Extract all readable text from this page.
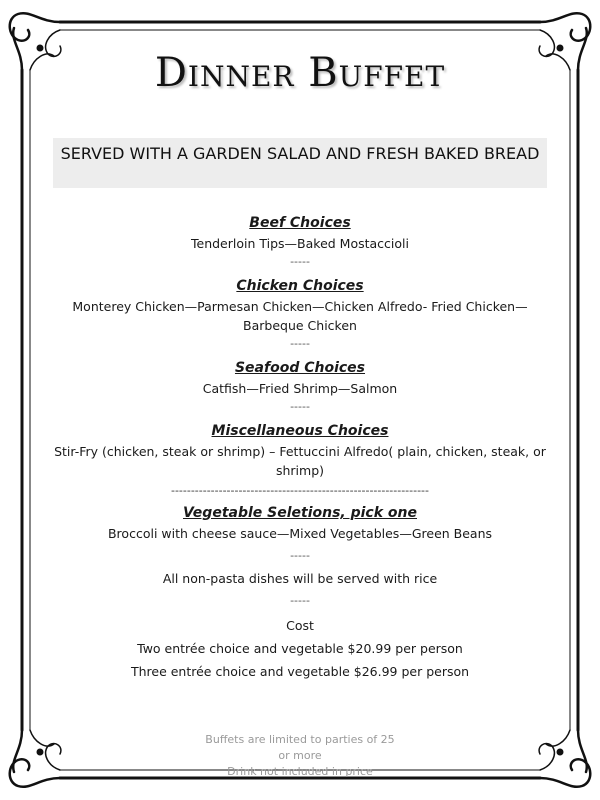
Dinner Buffet
SERVED WITH A GARDEN SALAD AND FRESH BAKED BREAD

Beef Choices

Tenderloin Tips—Baked Mostaccioli

-----

Chicken Choices

Monterey Chicken—Parmesan Chicken—Chicken Alfredo- Fried Chicken—Barbeque Chicken

-----

Seafood Choices

Catfish—Fried Shrimp—Salmon

-----

Miscellaneous Choices

Stir-Fry (chicken, steak or shrimp) – Fettuccini Alfredo( plain, chicken, steak, or shrimp)

-----------------------------------------------------------------

Vegetable Seletions, pick one

Broccoli with cheese sauce—Mixed Vegetables—Green Beans

-----

All non-pasta dishes will be served with rice

-----

Cost

Two entrée choice and vegetable $20.99 per person

Three entrée choice and vegetable $26.99 per person

Buffets are limited to parties of 25 or more
Drink not included in price
